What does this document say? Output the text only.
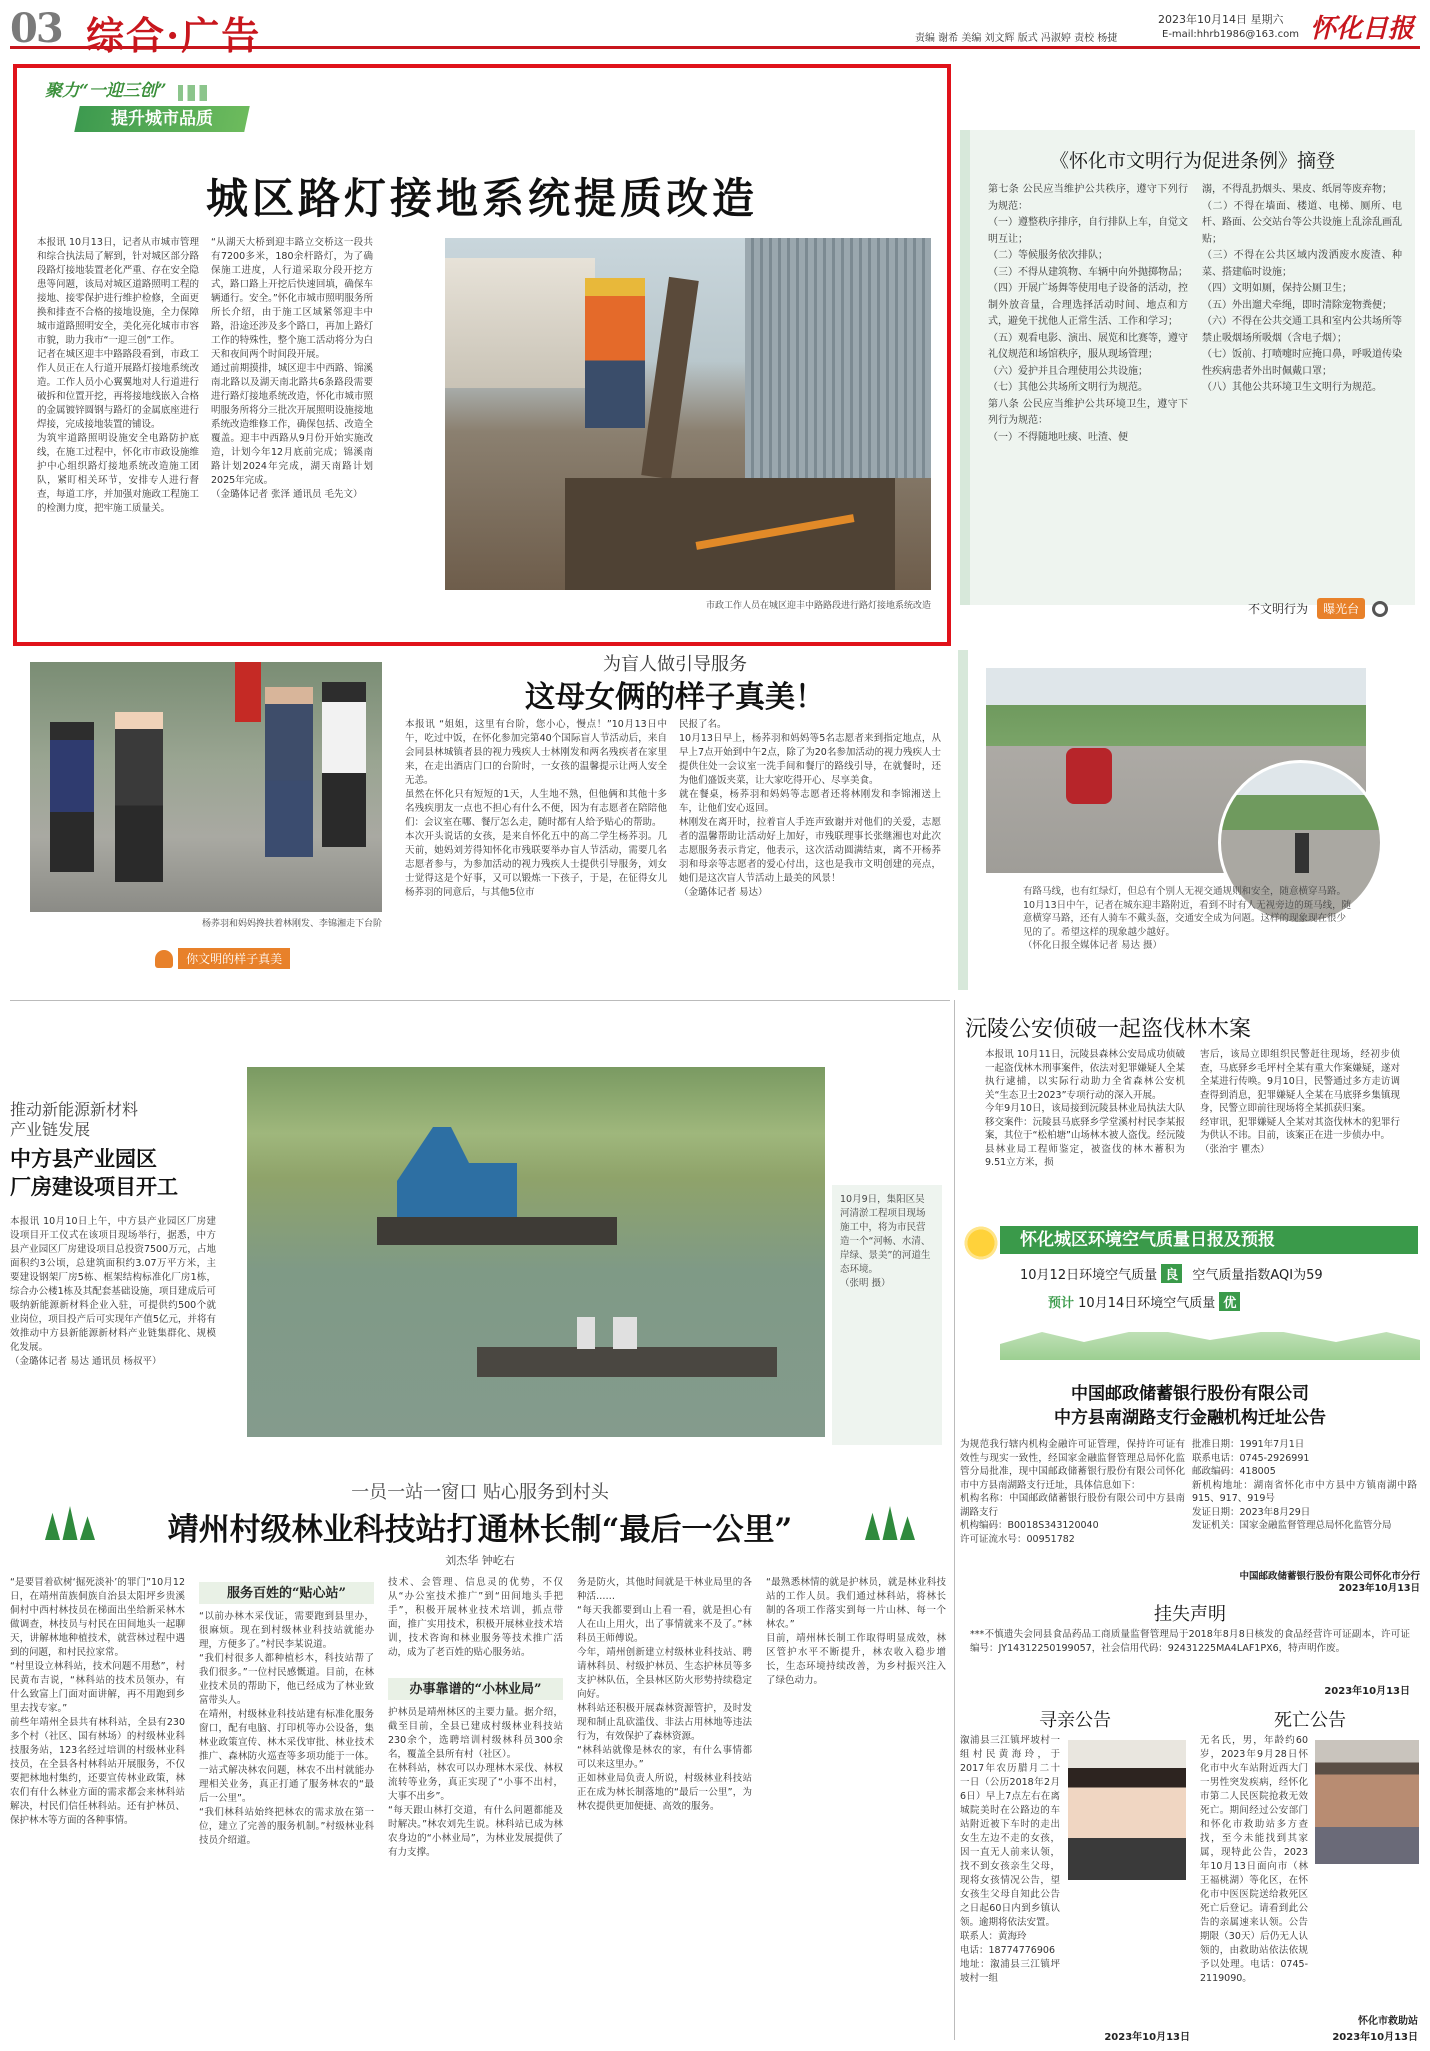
03 综合·广告	2023年10月14日 星期六
责编 谢希 美编 刘文辉 版式 冯淑婷 责校 杨捷	E-mail:hhrb1986@163.com 怀化日报
聚力“一迎三创”
提升城市品质
城区路灯接地系统提质改造
本报讯 10月13日，记者从市城市管理和综合执法局了解到，针对城区部分路段路灯接地装置老化严重、存在安全隐患等问题，该局对城区道路照明工程的接地、接零保护进行维护检修，全面更换和排查不合格的接地设施，全力保障城市道路照明安全，美化亮化城市市容市貌，助力我市“一迎三创”工作。
记者在城区迎丰中路路段看到，市政工作人员正在人行道开展路灯接地系统改造。工作人员小心翼翼地对人行道进行破拆和位置开挖，再将接地线嵌入合格的金属镀锌圆钢与路灯的金属底座进行焊接，完成接地装置的铺设。
为筑牢道路照明设施安全电路防护底线，在施工过程中，怀化市市政设施维护中心组织路灯接地系统改造施工团队，紧盯相关环节，安排专人进行督查，每道工序，并加强对施政工程施工的检测力度，把牢施工质量关。
“从湖天大桥到迎丰路立交桥这一段共有7200多米，180余杆路灯，为了确保施工进度，人行道采取分段开挖方式，路口路上开挖后快速回填，确保车辆通行。安全。”怀化市城市照明服务所所长介绍，由于施工区域紧邻迎丰中路，沿途还涉及多个路口，再加上路灯工作的特殊性，整个施工活动将分为白天和夜间两个时间段开展。
通过前期摸排，城区迎丰中西路、锦溪南北路以及湖天南北路共6条路段需要进行路灯接地系统改造，怀化市城市照明服务所将分三批次开展照明设施接地系统改造维修工作，确保包括、改造全覆盖。迎丰中西路从9月份开始实施改造，计划今年12月底前完成；锦溪南路计划2024年完成，湖天南路计划2025年完成。
（金璐体记者 张泽 通讯员 毛先文）
市政工作人员在城区迎丰中路路段进行路灯接地系统改造
《怀化市文明行为促进条例》摘登
第七条 公民应当维护公共秩序，遵守下列行为规范：
（一）遵整秩序排序，自行排队上车，自觉文明互让；
（二）等候服务依次排队；
（三）不得从建筑物、车辆中向外抛掷物品；
（四）开展广场舞等使用电子设备的活动，控制外放音量，合理选择活动时间、地点和方式，避免干扰他人正常生活、工作和学习；
（五）观看电影、演出、展览和比赛等，遵守礼仪规范和场馆秩序，服从现场管理；
（六）爱护并且合理使用公共设施；
（七）其他公共场所文明行为规范。
第八条 公民应当维护公共环境卫生，遵守下列行为规范：
（一）不得随地吐痰、吐渣、便
溺，不得乱扔烟头、果皮、纸屑等废弃物；
（二）不得在墙面、楼道、电梯、厕所、电杆、路面、公交站台等公共设施上乱涂乱画乱贴；
（三）不得在公共区域内泼洒废水废渣、种菜、搭建临时设施；
（四）文明如厕，保持公厕卫生；
（五）外出遛犬牵绳，即时清除宠物粪便；
（六）不得在公共交通工具和室内公共场所等禁止吸烟场所吸烟（含电子烟）；
（七）饭前、打喷嚏时应掩口鼻，呼吸道传染性疾病患者外出时佩戴口罩；
（八）其他公共环境卫生文明行为规范。
不文明行为 曝光台
杨荞羽和妈妈搀扶着林刚发、李锦湘走下台阶
你文明的样子真美
为盲人做引导服务
这母女俩的样子真美！
本报讯 “姐姐，这里有台阶，您小心，慢点！”10月13日中午，吃过中饭，在怀化参加完第40个国际盲人节活动后，来自会同县林城镇者县的视力残疾人士林刚发和两名残疾者在家里来，在走出酒店门口的台阶时，一女孩的温馨提示让两人安全无恙。
虽然在怀化只有短短的1天，人生地不熟，但他俩和其他十多名残疾朋友一点也不担心有什么不便，因为有志愿者在陪陪他们：会议室在哪、餐厅怎么走，随时都有人给予贴心的帮助。
本次开头说话的女孩，是来自怀化五中的高二学生杨荞羽。几天前，她妈刘芳得知怀化市残联要举办盲人节活动，需要几名志愿者参与，为参加活动的视力残疾人士提供引导服务，刘女士觉得这是个好事，又可以锻炼一下孩子，于是，在征得女儿杨荞羽的同意后，与其他5位市
民报了名。
10月13日早上，杨荞羽和妈妈等5名志愿者来到指定地点，从早上7点开始到中午2点，除了为20名参加活动的视力残疾人士提供住处一会议室一洗手间和餐厅的路线引导，在就餐时，还为他们盛饭夹菜，让大家吃得开心、尽享美食。
就在餐桌，杨荞羽和妈妈等志愿者还将林刚发和李锦湘送上车，让他们安心返回。
林刚发在离开时，拉着盲人手连声致谢并对他们的关爱，志愿者的温馨帮助让活动好上加好，市残联理事长张继湘也对此次志愿服务表示肯定，他表示，这次活动圆满结束，离不开杨荞羽和母亲等志愿者的爱心付出，这也是我市文明创建的亮点，她们是这次盲人节活动上最美的风景！
（金璐体记者 易达）	有路马线，也有红绿灯，但总有个别人无视交通规则和安全，随意横穿马路。10月13日中午，记者在城东迎丰路附近，看到不时有人无视旁边的斑马线，随意横穿马路，还有人骑车不戴头盔，交通安全成为问题。这样的现象现在很少见的了。希望这样的现象越少越好。
（怀化日报全媒体记者 易达 摄）
推动新能源新材料
产业链发展
中方县产业园区
厂房建设项目开工
本报讯 10月10日上午，中方县产业园区厂房建设项目开工仪式在该项目现场举行，据悉，中方县产业园区厂房建设项目总投资7500万元，占地面积约3公顷，总建筑面积约3.07万平方米，主要建设钢架厂房5栋、框架结构标准化厂房1栋，综合办公楼1栋及其配套基础设施，项目建成后可吸纳新能源新材料企业入驻，可提供约500个就业岗位，项目投产后可实现年产值5亿元，并将有效推动中方县新能源新材料产业链集群化、规模化发展。
（金璐体记者 易达 通讯员 杨叔平）
10月9日，集阳区吴河清淤工程项目现场施工中，将为市民营造一个“河畅、水清、岸绿、景美”的河道生态环境。
（张明 摄）
沅陵公安侦破一起盗伐林木案
本报讯 10月11日，沅陵县森林公安局成功侦破一起盗伐林木刑事案件，依法对犯罪嫌疑人全某执行逮捕，以实际行动助力全省森林公安机关“生态卫士2023”专项行动的深入开展。
今年9月10日，该局接到沅陵县林业局执法大队移交案件：沅陵县马底驿乡学堂溪村村民李某报案，其位于“松柏塘”山场林木被人盗伐。经沅陵县林业局工程师鉴定，被盗伐的林木蓄积为9.51立方米，损
害后，该局立即组织民警赶往现场，经初步侦查，马底驿乡毛坪村全某有重大作案嫌疑，遂对全某进行传唤。9月10日，民警通过多方走访调查得到消息，犯罪嫌疑人全某在马底驿乡集镇现身，民警立即前往现场将全某抓获归案。
经审讯，犯罪嫌疑人全某对其盗伐林木的犯罪行为供认不讳。目前，该案正在进一步侦办中。
（张治宇 瞿杰）
怀化城区环境空气质量日报及预报
10月12日环境空气质量 良 空气质量指数AQI为59
预计 10月14日环境空气质量 优
中国邮政储蓄银行股份有限公司
中方县南湖路支行金融机构迁址公告
为规范我行辖内机构金融许可证管理，保持许可证有效性与现实一致性，经国家金融监督管理总局怀化监管分局批准，现中国邮政储蓄银行股份有限公司怀化市中方县南湖路支行迁址，具体信息如下：
机构名称：中国邮政储蓄银行股份有限公司中方县南湖路支行
机构编码：B0018S343120040
许可证流水号：00951782
批准日期：1991年7月1日
联系电话：0745-2926991
邮政编码：418005
新机构地址：湖南省怀化市中方县中方镇南湖中路915、917、919号
发证日期：2023年8月29日
发证机关：国家金融监督管理总局怀化监管分局
中国邮政储蓄银行股份有限公司怀化市分行
2023年10月13日
挂失声明
***不慎遗失会同县食品药品工商质量监督管理局于2018年8月8日核发的食品经营许可证副本，许可证编号：JY14312250199057，社会信用代码：92431225MA4LAF1PX6，特声明作废。
2023年10月13日
寻亲公告
溆浦县三江镇坪坡村一组村民黄海玲，于2017年农历腊月二十一日（公历2018年2月6日）早上7点左右在离城院美时在公路边的车站附近被下车时的走出女生左边不走的女孩，因一直无人前来认领，找不到女孩亲生父母，现将女孩情况公告，望女孩生父母自知此公告之日起60日内到乡镇认领。逾期将依法安置。
联系人：黄海玲
电话：18774776906
地址：溆浦县三江镇坪坡村一组
2023年10月13日
死亡公告
无名氏，男，年龄约60岁，2023年9月28日怀化市中火车站附近西大门一男性突发疾病，经怀化市第二人民医院抢救无效死亡。期间经过公安部门和怀化市救助站多方查找，至今未能找到其家属，现特此公告，2023年10月13日面向市（林王福桃湖）等化区，在怀化市中医医院送给救死区死亡后登记。请看到此公告的亲属速来认领。公告期限（30天）后仍无人认领的，由救助站依法依规予以处理。电话：0745-2119090。
怀化市救助站
2023年10月13日
一员一站一窗口 贴心服务到村头
靖州村级林业科技站打通林长制“最后一公里”
刘杰华 钟屹右
“是要冒着砍树‘掘死淡补’的罪门”10月12日，在靖州苗族侗族自治县太阳坪乡贵溪侗村中西村林技员在梯面出坐给新采林木做调查，林技员与村民在田间地头一起聊天，讲解林地种植技术，就营林过程中遇到的问题，和村民拉家常。
“村里设立林科站，技术问题不用愁”，村民黄布吉说，“林科站的技术员领办，有什么致富上门面对面讲解，再不用跑到乡里去找专家。”
前些年靖州全县共有林科站，全县有230多个村（社区、国有林场）的村级林业科技服务站，123名经过培训的村级林业科技员，在全县各村林科站开展服务，不仅要把林地村集约，还要宣传林业政策，林农们有什么林业方面的需求都会来林科站解决，村民们信任林科站。还有护林员、保护林木等方面的各种事情。
服务百姓的“贴心站”
“以前办林木采伐证，需要跑到县里办，很麻烦。现在到村级林业科技站就能办理，方便多了。”村民李某说道。
“我们村很多人都种植杉木，科技站帮了我们很多。”一位村民感慨道。目前，在林业技术员的帮助下，他已经成为了林业致富带头人。
在靖州，村级林业科技站建有标准化服务窗口，配有电脑、打印机等办公设备，集林业政策宣传、林木采伐审批、林业技术推广、森林防火巡查等多项功能于一体。一站式解决林农问题，林农不出村就能办理相关业务，真正打通了服务林农的“最后一公里”。
“我们林科站始终把林农的需求放在第一位，建立了完善的服务机制。”村级林业科技员介绍道。
技术、会管理、信息灵的优势，不仅从“办公室技术推广”到“田间地头手把手”，积极开展林业技术培训，抓点带面，推广实用技术，积极开展林业技术培训，技术咨询和林业服务等技术推广活动，成为了老百姓的贴心服务站。
办事靠谱的“小林业局”
护林员是靖州林区的主要力量。据介绍，截至目前，全县已建成村级林业科技站230余个，选聘培训村级林科员300余名，覆盖全县所有村（社区）。
在林科站，林农可以办理林木采伐、林权流转等业务，真正实现了“小事不出村，大事不出乡”。
“每天跟山林打交道，有什么问题都能及时解决。”林农刘先生说。林科站已成为林农身边的“小林业局”，为林业发展提供了有力支撑。
务是防火，其他时间就是干林业局里的各种活……
“每天我都要到山上看一看，就是担心有人在山上用火，出了事情就来不及了。”林科员王师傅说。
今年，靖州创新建立村级林业科技站、聘请林科员、村级护林员、生态护林员等多支护林队伍，全县林区防火形势持续稳定向好。
林科站还积极开展森林资源管护，及时发现和制止乱砍滥伐、非法占用林地等违法行为，有效保护了森林资源。
“林科站就像是林农的家，有什么事情都可以来这里办。”
正如林业局负责人所说，村级林业科技站正在成为林长制落地的“最后一公里”，为林农提供更加便捷、高效的服务。
“最熟悉林情的就是护林员，就是林业科技站的工作人员。我们通过林科站，将林长制的各项工作落实到每一片山林、每一个林农。”
目前，靖州林长制工作取得明显成效，林区管护水平不断提升，林农收入稳步增长，生态环境持续改善，为乡村振兴注入了绿色动力。
